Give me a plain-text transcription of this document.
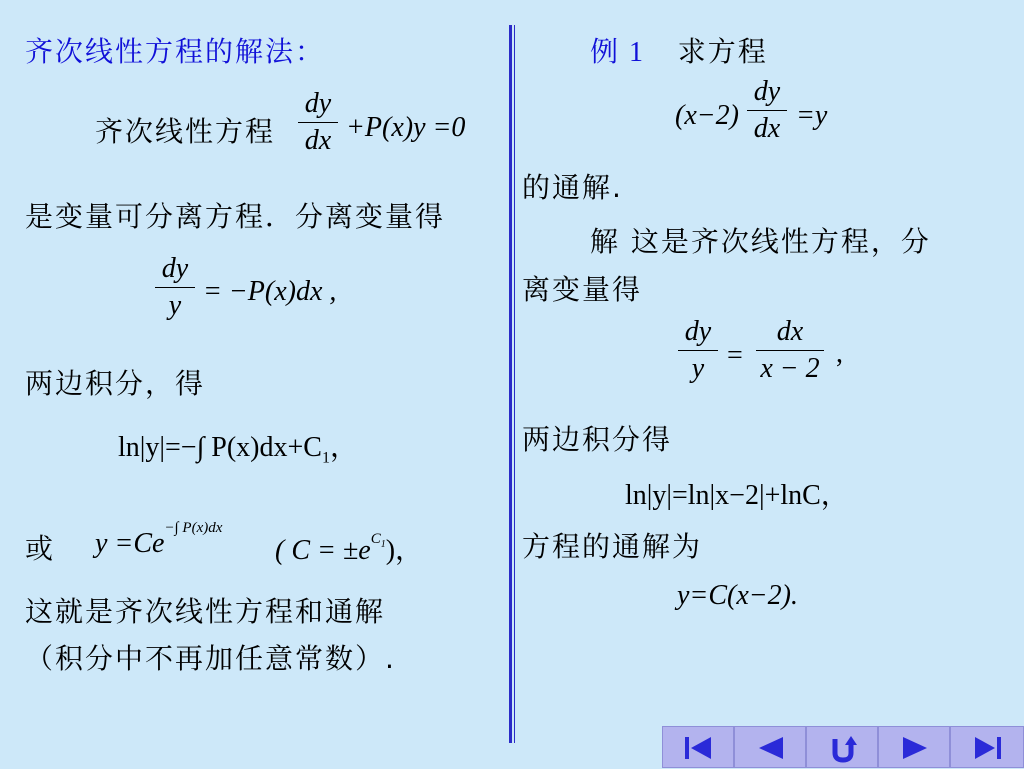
齐次线性方程的解法：
齐次线性方程
dy
dx +P(x)y =0
是变量可分离方程．分离变量得
dy
y = −P(x)dx ,
两边积分，得
ln|y|=−∫ $P(x)dx+C_1$，
或 $y =Ce^{-\int P(x)dx}$
( $C = \pm e^{C_1}$)，
这就是齐次线性方程和通解
（积分中不再加任意常数）.
例 1 求方程
(x−2)
dy
dx =y
的通解.
解 这是齐次线性方程，分
离变量得
dy
y =
dx
x − 2 ,
两边积分得
ln|y|=ln|x−2|+lnC，
方程的通解为
y=C(x−2).
